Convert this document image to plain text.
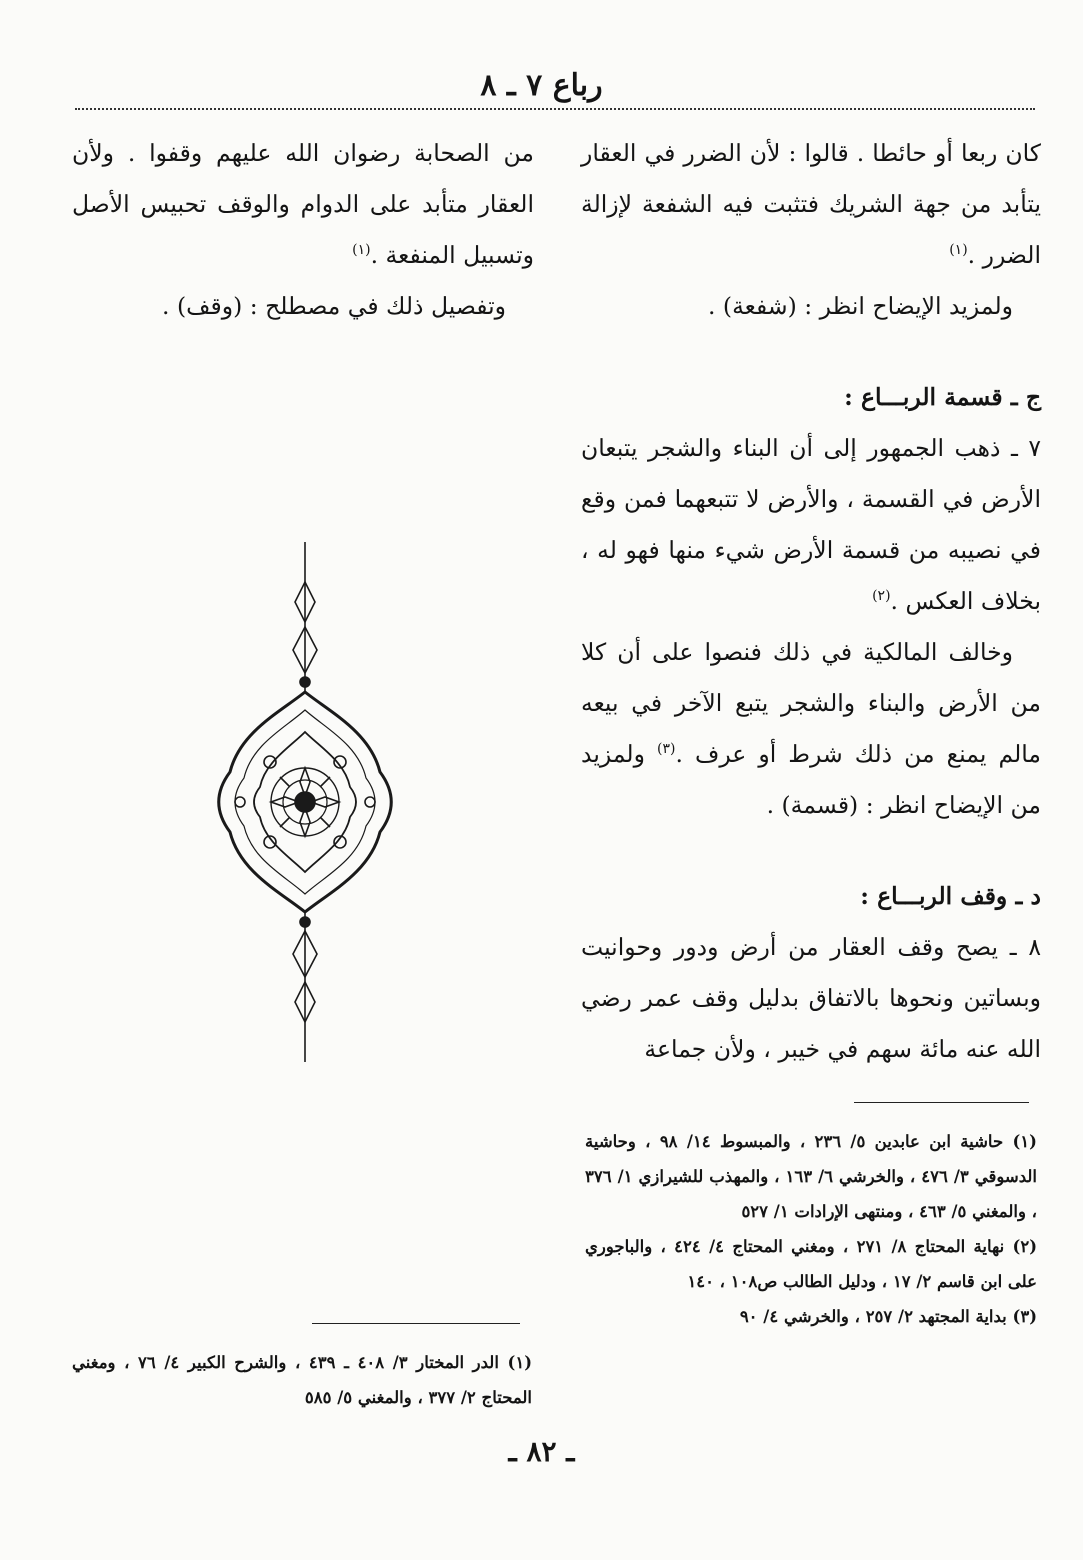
رباع ٧ ـ ٨

كان ربعا أو حائطا . قالوا : لأن الضرر في العقار يتأبد من جهة الشريك فتثبت فيه الشفعة لإزالة الضرر .$^{(١)}$

ولمزيد الإيضاح انظر : (شفعة) .

ج ـ قسمة الربـــاع :

٧ ـ ذهب الجمهور إلى أن البناء والشجر يتبعان الأرض في القسمة ، والأرض لا تتبعهما فمن وقع في نصيبه من قسمة الأرض شيء منها فهو له ، بخلاف العكس .$^{(٢)}$

وخالف المالكية في ذلك فنصوا على أن كلا من الأرض والبناء والشجر يتبع الآخر في بيعه مالم يمنع من ذلك شرط أو عرف .$^{(٣)}$ ولمزيد من الإيضاح انظر : (قسمة) .

د ـ وقف الربـــاع :

٨ ـ يصح وقف العقار من أرض ودور وحوانيت وبساتين ونحوها بالاتفاق بدليل وقف عمر رضي الله عنه مائة سهم في خيبر ، ولأن جماعة

من الصحابة رضوان الله عليهم وقفوا . ولأن العقار متأبد على الدوام والوقف تحبيس الأصل وتسبيل المنفعة .$^{(١)}$

وتفصيل ذلك في مصطلح : (وقف) .

(١) حاشية ابن عابدين ٥/ ٢٣٦ ، والمبسوط ١٤/ ٩٨ ، وحاشية الدسوقي ٣/ ٤٧٦ ، والخرشي ٦/ ١٦٣ ، والمهذب للشيرازي ١/ ٣٧٦ ، والمغني ٥/ ٤٦٣ ، ومنتهى الإرادات ١/ ٥٢٧

(٢) نهاية المحتاج ٨/ ٢٧١ ، ومغني المحتاج ٤/ ٤٢٤ ، والباجوري على ابن قاسم ٢/ ١٧ ، ودليل الطالب ص١٠٨ ، ١٤٠

(٣) بداية المجتهد ٢/ ٢٥٧ ، والخرشي ٤/ ٩٠

(١) الدر المختار ٣/ ٤٠٨ ـ ٤٣٩ ، والشرح الكبير ٤/ ٧٦ ، ومغني المحتاج ٢/ ٣٧٧ ، والمغني ٥/ ٥٨٥

ـ ٨٢ ـ
